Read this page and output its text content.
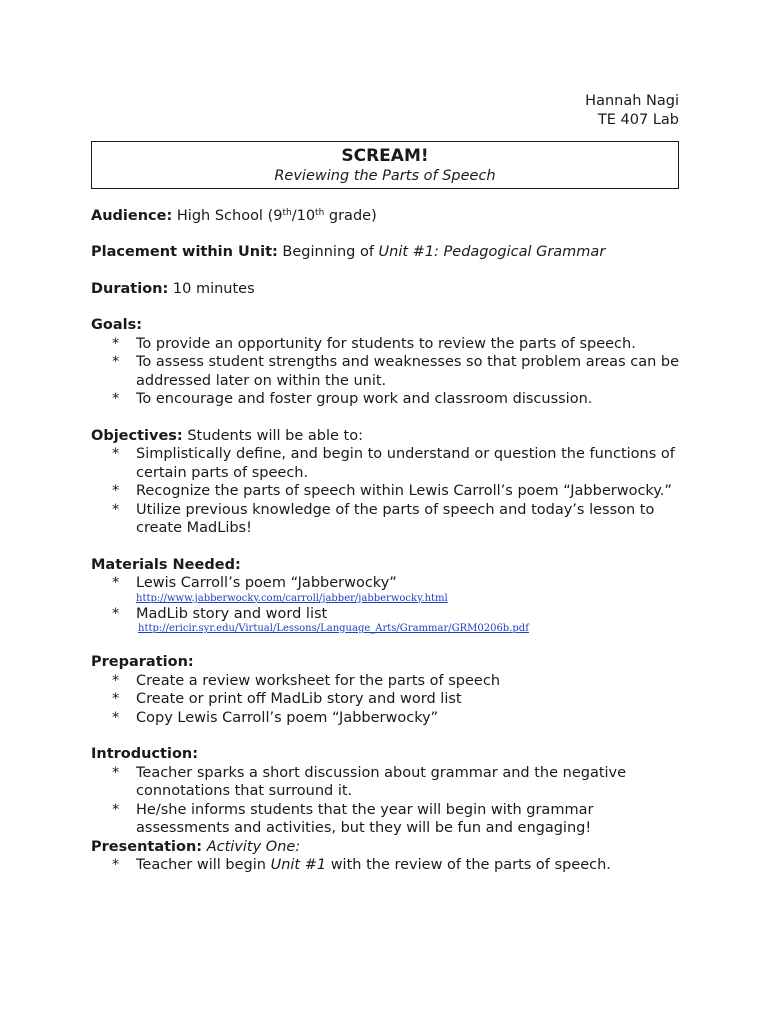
Hannah Nagi
TE 407 Lab
SCREAM!
Reviewing the Parts of Speech
Audience: High School (9th/10th grade)
Placement within Unit: Beginning of Unit #1: Pedagogical Grammar
Duration: 10 minutes
Goals:
* To provide an opportunity for students to review the parts of speech.
* To assess student strengths and weaknesses so that problem areas can be addressed later on within the unit.
* To encourage and foster group work and classroom discussion.
Objectives: Students will be able to:
* Simplistically define, and begin to understand or question the functions of certain parts of speech.
* Recognize the parts of speech within Lewis Carroll’s poem “Jabberwocky.”
* Utilize previous knowledge of the parts of speech and today’s lesson to create MadLibs!
Materials Needed:
* Lewis Carroll’s poem “Jabberwocky”
http://www.jabberwocky.com/carroll/jabber/jabberwocky.html
* MadLib story and word list
http://ericir.syr.edu/Virtual/Lessons/Language_Arts/Grammar/GRM0206b.pdf
Preparation:
* Create a review worksheet for the parts of speech
* Create or print off MadLib story and word list
* Copy Lewis Carroll’s poem “Jabberwocky”
Introduction:
* Teacher sparks a short discussion about grammar and the negative connotations that surround it.
* He/she informs students that the year will begin with grammar assessments and activities, but they will be fun and engaging!
Presentation: Activity One:
* Teacher will begin Unit #1 with the review of the parts of speech.
